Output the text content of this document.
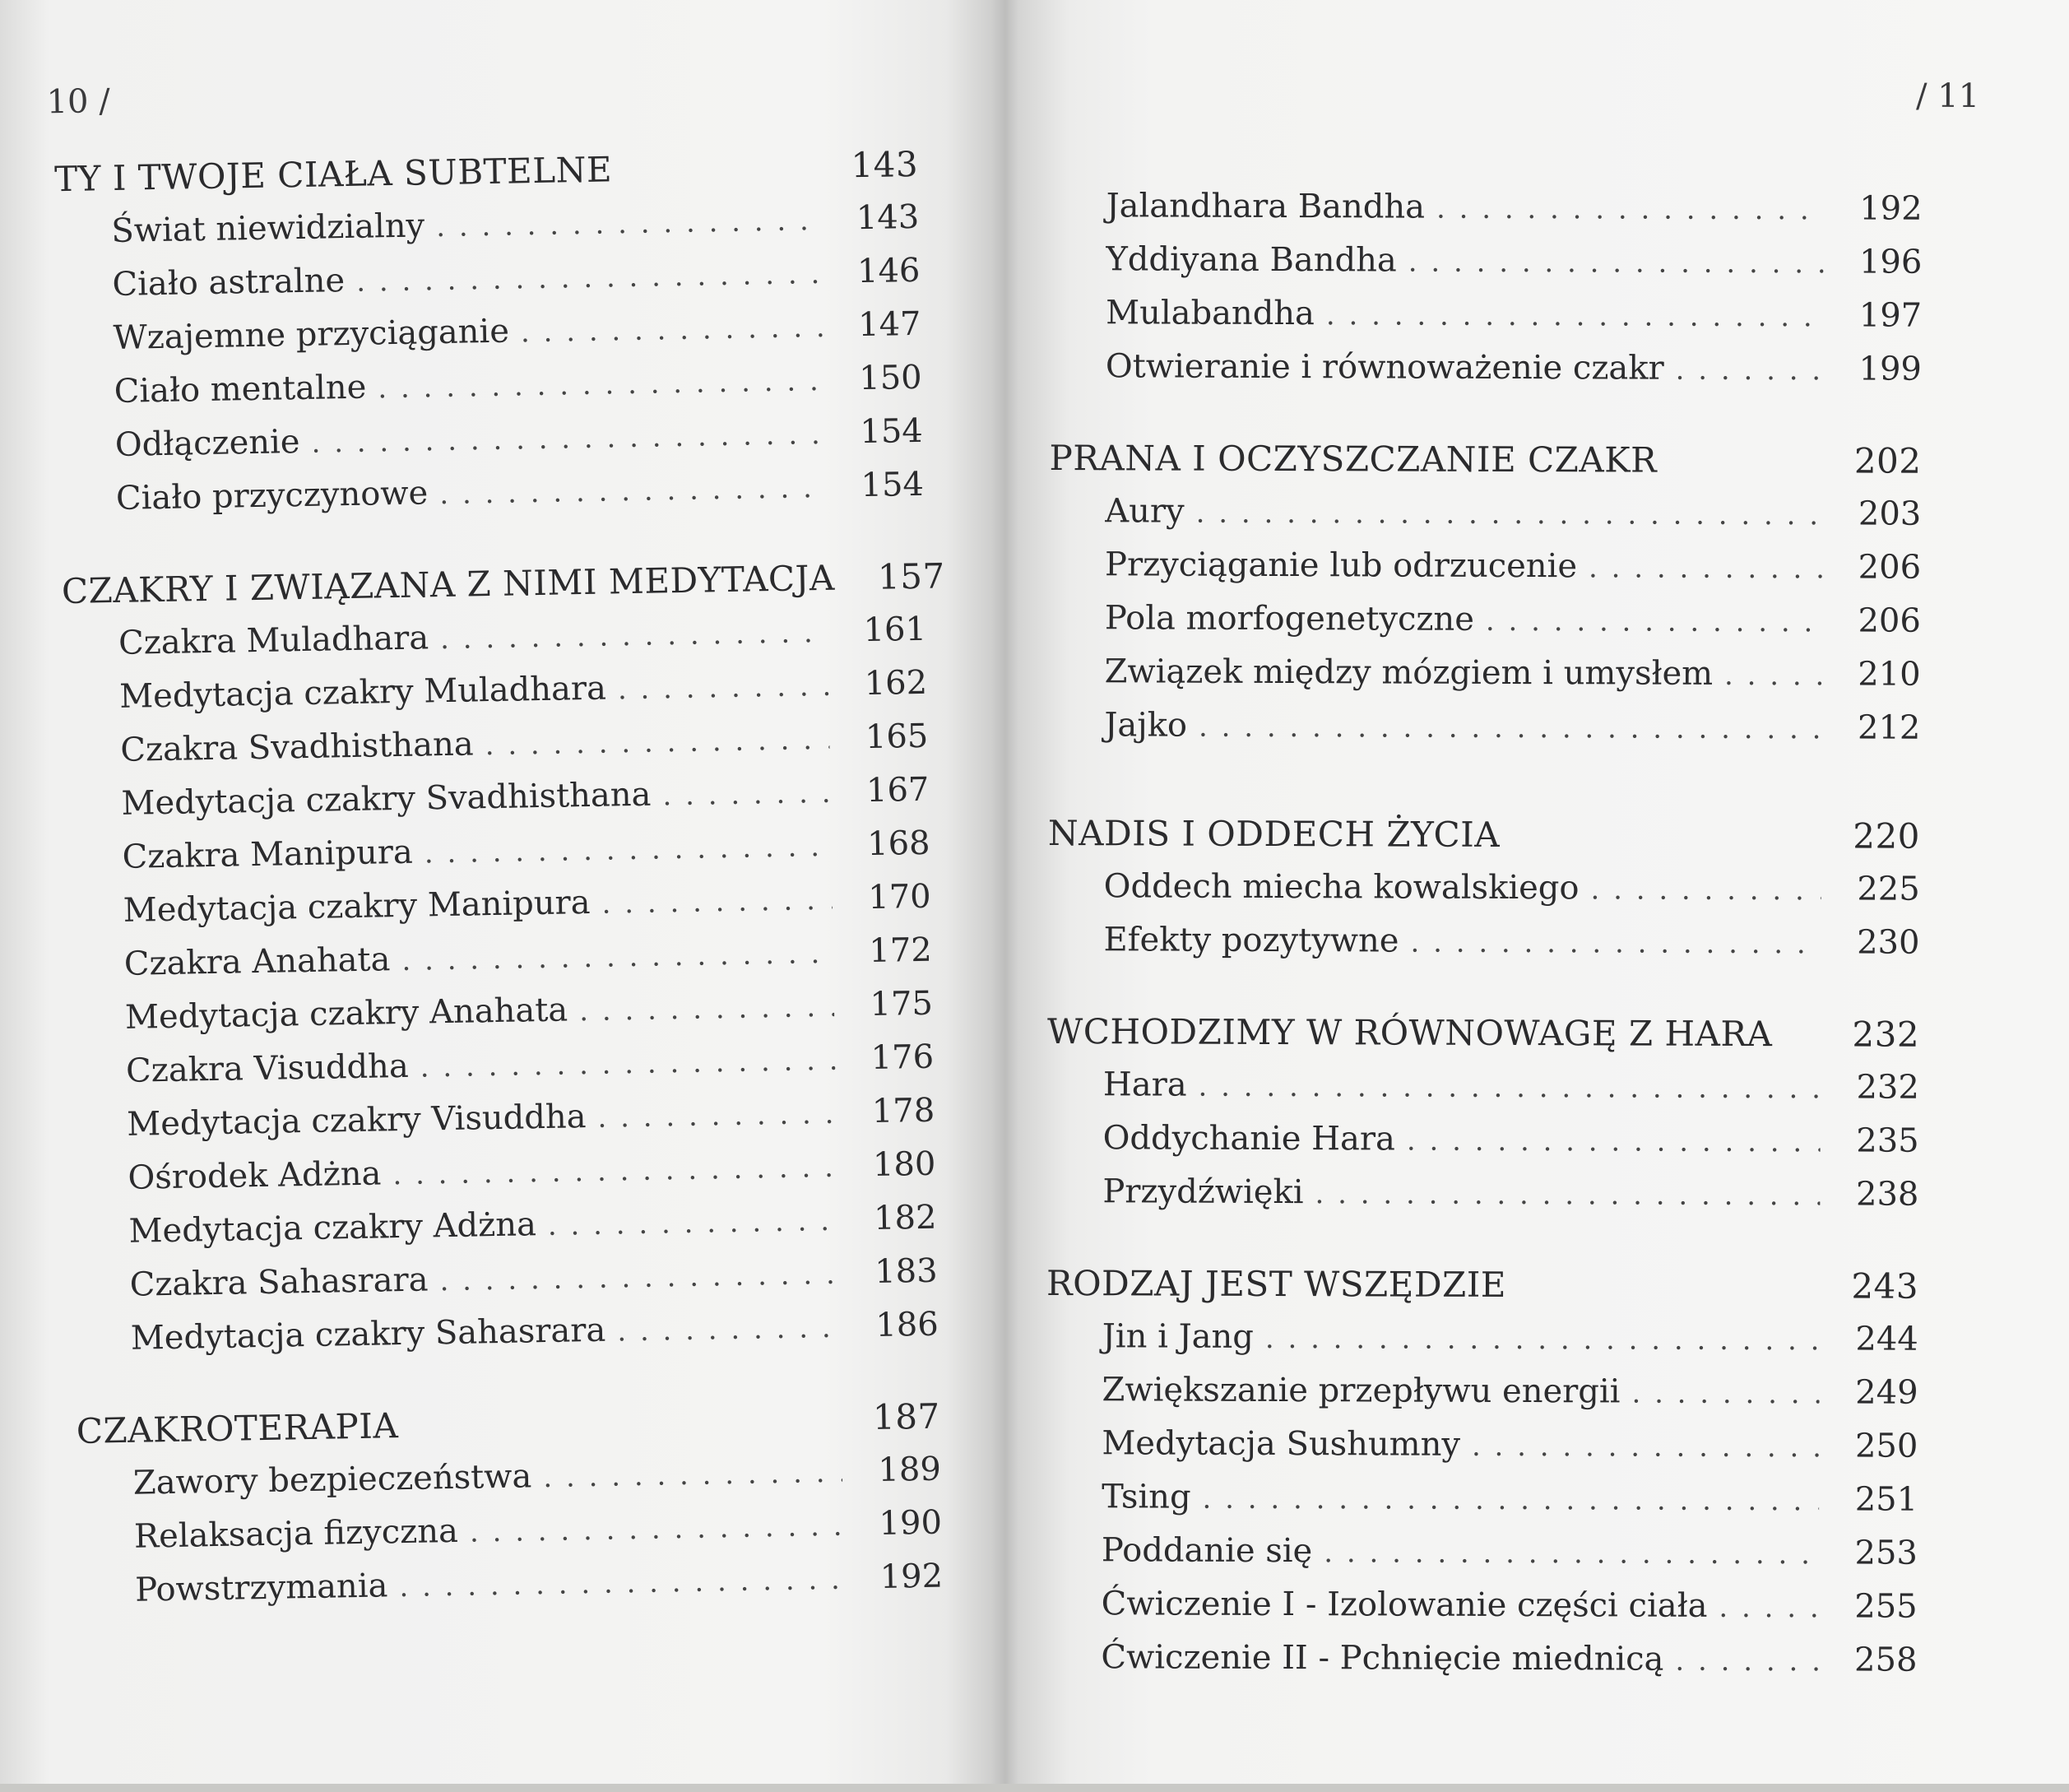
10 /
TY I TWOJE CIAŁA SUBTELNE	143
Świat niewidzialny . . .	143
Ciało astralne . . .	146
Wzajemne przyciąganie . . .	147
Ciało mentalne . . .	150
Odłączenie . . .	154
Ciało przyczynowe . . .	154
CZAKRY I ZWIĄZANA Z NIMI MEDYTACJA	157
Czakra Muladhara . . .	161
Medytacja czakry Muladhara . . .	162
Czakra Svadhisthana . . .	165
Medytacja czakry Svadhisthana . . .	167
Czakra Manipura . . .	168
Medytacja czakry Manipura . . .	170
Czakra Anahata . . .	172
Medytacja czakry Anahata . . .	175
Czakra Visuddha . . .	176
Medytacja czakry Visuddha . . .	178
Ośrodek Adżna . . .	180
Medytacja czakry Adżna . . .	182
Czakra Sahasrara . . .	183
Medytacja czakry Sahasrara . . .	186
CZAKROTERAPIA	187
Zawory bezpieczeństwa . . .	189
Relaksacja fizyczna . . .	190
Powstrzymania . . .	192
/ 11
Jalandhara Bandha . . .	192
Yddiyana Bandha . . .	196
Mulabandha . . .	197
Otwieranie i równoważenie czakr . . .	199
PRANA I OCZYSZCZANIE CZAKR	202
Aury . . .	203
Przyciąganie lub odrzucenie . . .	206
Pola morfogenetyczne . . .	206
Związek między mózgiem i umysłem . . .	210
Jajko . . .	212
NADIS I ODDECH ŻYCIA	220
Oddech miecha kowalskiego . . .	225
Efekty pozytywne . . .	230
WCHODZIMY W RÓWNOWAGĘ Z HARA	232
Hara . . .	232
Oddychanie Hara . . .	235
Przydźwięki . . .	238
RODZAJ JEST WSZĘDZIE	243
Jin i Jang . . .	244
Zwiększanie przepływu energii . . .	249
Medytacja Sushumny . . .	250
Tsing . . .	251
Poddanie się . . .	253
Ćwiczenie I - Izolowanie części ciała . . .	255
Ćwiczenie II - Pchnięcie miednicą . . .	258
